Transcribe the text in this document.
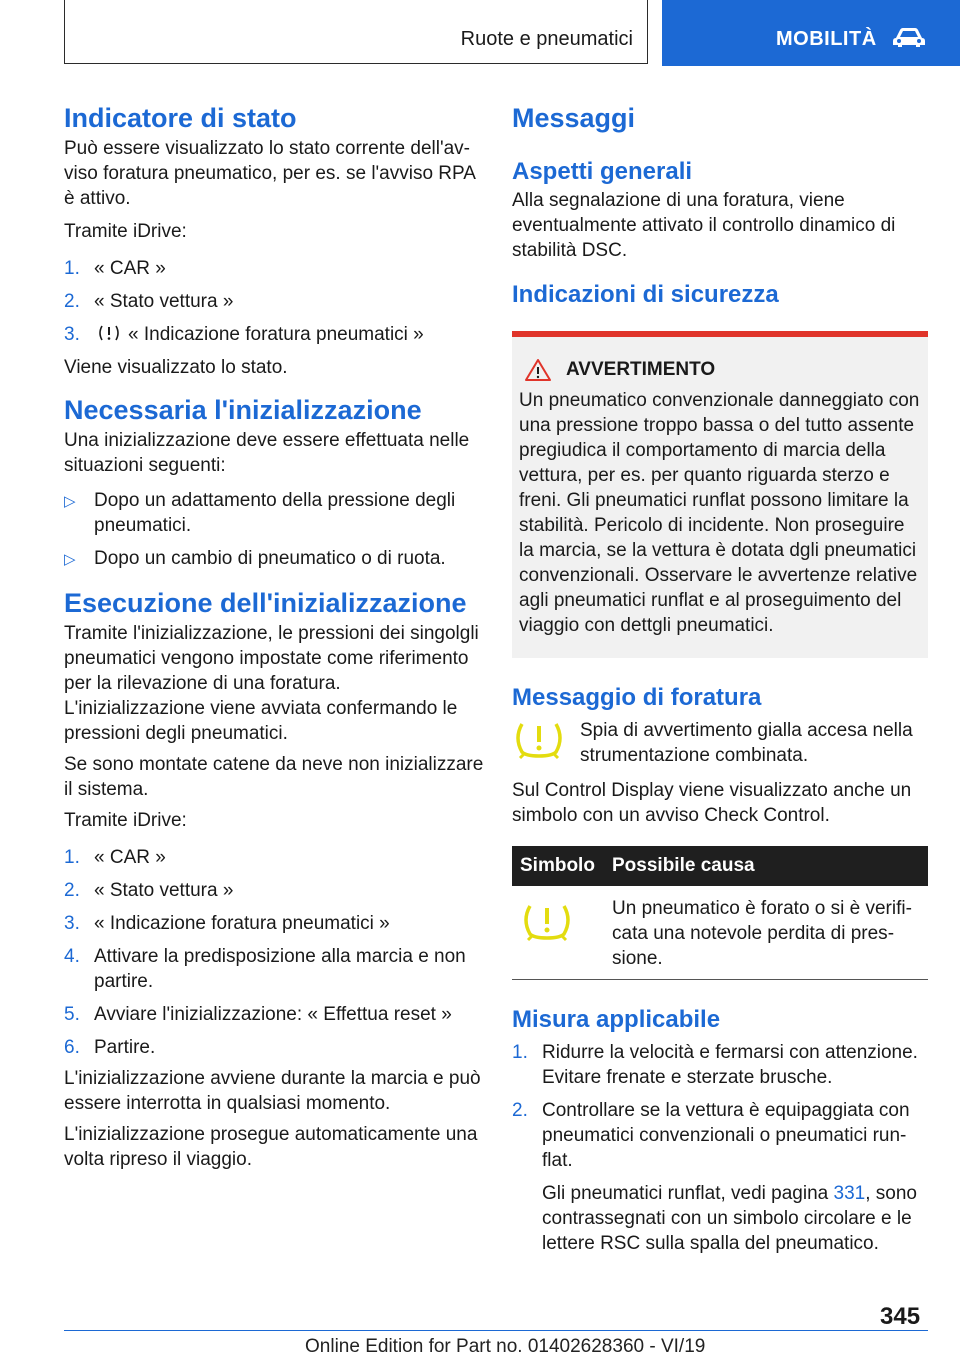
Ruote e pneumatici	MOBILITÀ
Indicatore di stato

Può essere visualizzato lo stato corrente dell'avviso foratura pneumatico, per es. se l'avviso RPA è attivo.

Tramite iDrive:

1. « CAR »
2. « Stato vettura »
3.	« Indicazione foratura pneumatici »

Viene visualizzato lo stato.

Necessaria l'inizializzazione

Una inizializzazione deve essere effettuata nelle situazioni seguenti:

▷ Dopo un adattamento della pressione degli pneumatici.
▷ Dopo un cambio di pneumatico o di ruota.
Esecuzione dell'inizializzazione

Tramite l'inizializzazione, le pressioni dei singolgli pneumatici vengono impostate come riferimento per la rilevazione di una foratura. L'inizializzazione viene avviata confermando le pressioni degli pneumatici.

Se sono montate catene da neve non inizializzare il sistema.

Tramite iDrive:

1. « CAR »
2. « Stato vettura »
3. « Indicazione foratura pneumatici »
4. Attivare la predisposizione alla marcia e non partire.
5. Avviare l'inizializzazione: « Effettua reset »
6. Partire.

L'inizializzazione avviene durante la marcia e può essere interrotta in qualsiasi momento.

L'inizializzazione prosegue automaticamente una volta ripreso il viaggio.

Messaggi
Aspetti generali

Alla segnalazione di una foratura, viene eventualmente attivato il controllo dinamico di stabilità DSC.

Indicazioni di sicurezza
AVVERTIMENTO

Un pneumatico convenzionale danneggiato con una pressione troppo bassa o del tutto assente pregiudica il comportamento di marcia della vettura, per es. per quanto riguarda sterzo e freni. Gli pneumatici runflat possono limitare la stabilità. Pericolo di incidente. Non proseguire la marcia, se la vettura è dotata dgli pneumatici convenzionali. Osservare le avvertenze relative agli pneumatici runflat e al proseguimento del viaggio con dettgli pneumatici.

Messaggio di foratura

Spia di avvertimento gialla accesa nella strumentazione combinata.

Sul Control Display viene visualizzato anche un simbolo con un avviso Check Control.

Simbolo	Possibile causa
	Un pneumatico è forato o si è verificata una notevole perdita di pressione.
Misura applicabile
1. Ridurre la velocità e fermarsi con attenzione. Evitare frenate e sterzate brusche.
2. Controllare se la vettura è equipaggiata con pneumatici convenzionali o pneumatici runflat.

Gli pneumatici runflat, vedi pagina 331, sono contrassegnati con un simbolo circolare e le lettere RSC sulla spalla del pneumatico.

345
Online Edition for Part no. 01402628360 - VI/19
